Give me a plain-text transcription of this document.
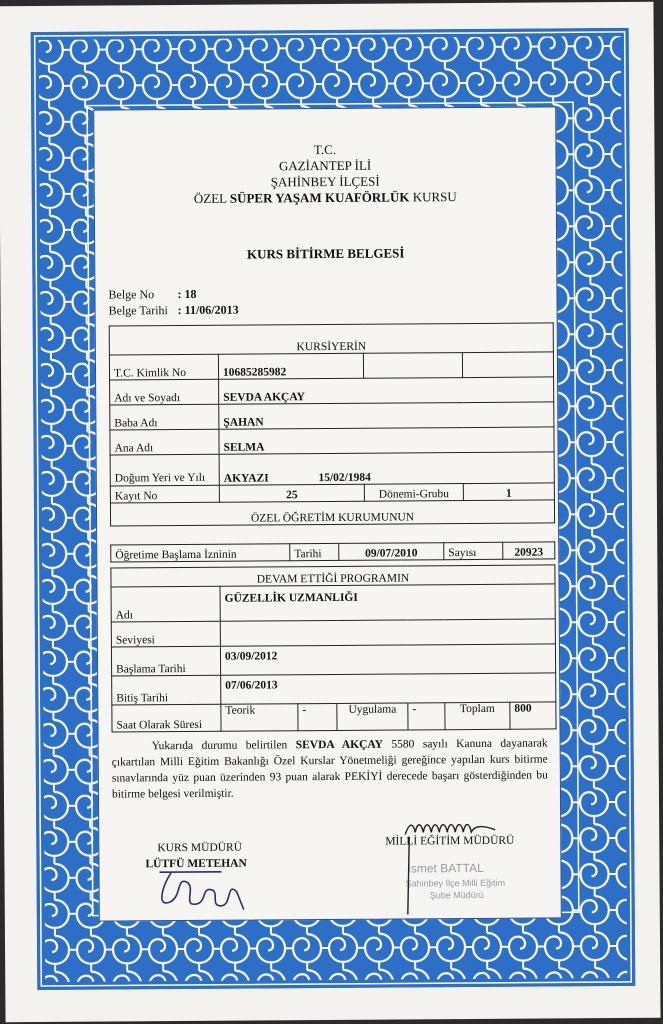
T.C.
GAZİANTEP İLİ
ŞAHİNBEY İLÇESİ
ÖZEL SÜPER YAŞAM KUAFÖRLÜK KURSU
KURS BİTİRME BELGESİ
Belge No : 18
Belge Tarihi : 11/06/2013
KURSİYERİN			
T.C. Kimlik No	10685285982		
Adı ve Soyadı	SEVDA AKÇAY		
Baba Adı	ŞAHAN		
Ana Adı	SELMA		
Doğum Yeri ve Yılı	AKYAZI 15/02/1984		
Kayıt No	25	Dönemi-Grubu	1
ÖZEL ÖĞRETİM KURUMUNUN			
Öğretime Başlama İzninin	Tarihi	09/07/2010	Sayısı	20923
DEVAM ETTİĞİ PROGRAMIN						
Adı	GÜZELLİK UZMANLIĞI					
Seviyesi						
Başlama Tarihi	03/09/2012					
Bitiş Tarihi	07/06/2013					
Saat Olarak Süresi	Teorik	-	Uygulama	-	Toplam	800
Yukarıda durumu belirtilen SEVDA AKÇAY 5580 sayılı Kanuna dayanarak çıkartılan Milli Eğitim Bakanlığı Özel Kurslar Yönetmeliği gereğince yapılan kurs bitirme sınavlarında yüz puan üzerinden 93 puan alarak PEKİYİ derecede başarı gösterdiğinden bu bitirme belgesi verilmiştir.
KURS MÜDÜRÜ
LÜTFÜ METEHAN
MİLLİ EĞİTİM MÜDÜRÜ
İsmet BATTAL
Şahinbey İlçe Milli Eğitim
Şube Müdürü
